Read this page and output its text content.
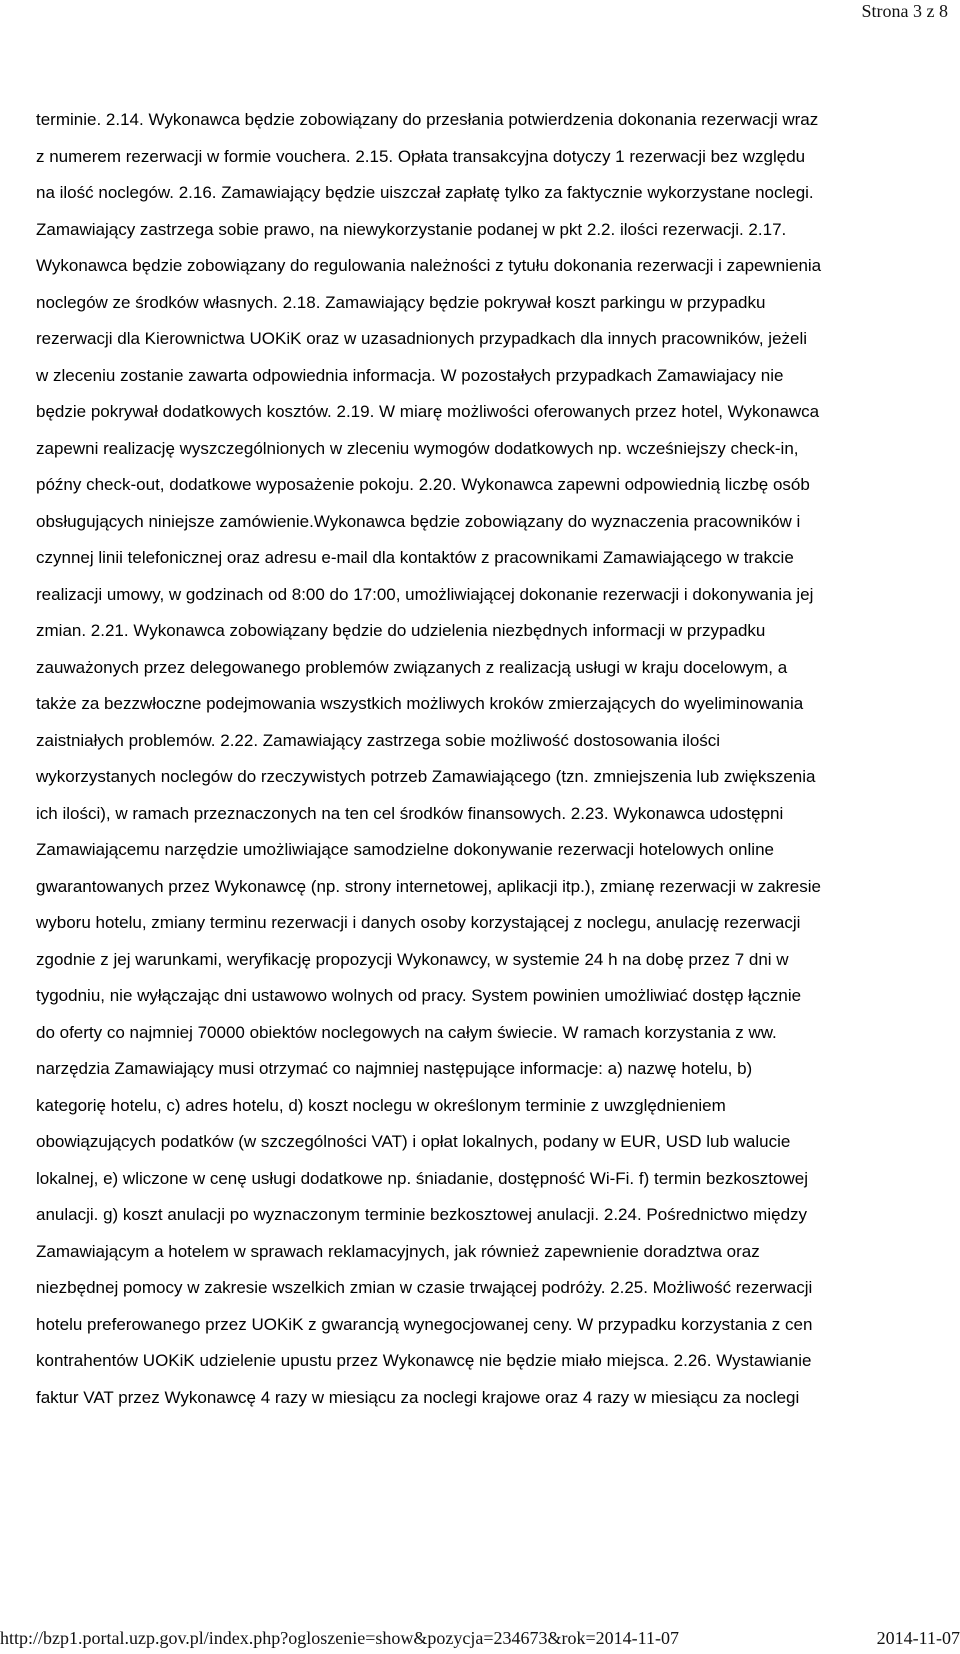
Strona 3 z 8
terminie. 2.14. Wykonawca będzie zobowiązany do przesłania potwierdzenia dokonania rezerwacji wraz
z numerem rezerwacji w formie vouchera. 2.15. Opłata transakcyjna dotyczy 1 rezerwacji bez względu
na ilość noclegów. 2.16. Zamawiający będzie uiszczał zapłatę tylko za faktycznie wykorzystane noclegi.
Zamawiający zastrzega sobie prawo, na niewykorzystanie podanej w pkt 2.2. ilości rezerwacji. 2.17.
Wykonawca będzie zobowiązany do regulowania należności z tytułu dokonania rezerwacji i zapewnienia
noclegów ze środków własnych. 2.18. Zamawiający będzie pokrywał koszt parkingu w przypadku
rezerwacji dla Kierownictwa UOKiK oraz w uzasadnionych przypadkach dla innych pracowników, jeżeli
w zleceniu zostanie zawarta odpowiednia informacja. W pozostałych przypadkach Zamawiajacy nie
będzie pokrywał dodatkowych kosztów. 2.19. W miarę możliwości oferowanych przez hotel, Wykonawca
zapewni realizację wyszczególnionych w zleceniu wymogów dodatkowych np. wcześniejszy check-in,
późny check-out, dodatkowe wyposażenie pokoju. 2.20. Wykonawca zapewni odpowiednią liczbę osób
obsługujących niniejsze zamówienie.Wykonawca będzie zobowiązany do wyznaczenia pracowników i
czynnej linii telefonicznej oraz adresu e-mail dla kontaktów z pracownikami Zamawiającego w trakcie
realizacji umowy, w godzinach od 8:00 do 17:00, umożliwiającej dokonanie rezerwacji i dokonywania jej
zmian. 2.21. Wykonawca zobowiązany będzie do udzielenia niezbędnych informacji w przypadku
zauważonych przez delegowanego problemów związanych z realizacją usługi w kraju docelowym, a
także za bezzwłoczne podejmowania wszystkich możliwych kroków zmierzających do wyeliminowania
zaistniałych problemów. 2.22. Zamawiający zastrzega sobie możliwość dostosowania ilości
wykorzystanych noclegów do rzeczywistych potrzeb Zamawiającego (tzn. zmniejszenia lub zwiększenia
ich ilości), w ramach przeznaczonych na ten cel środków finansowych. 2.23. Wykonawca udostępni
Zamawiającemu narzędzie umożliwiające samodzielne dokonywanie rezerwacji hotelowych online
gwarantowanych przez Wykonawcę (np. strony internetowej, aplikacji itp.), zmianę rezerwacji w zakresie
wyboru hotelu, zmiany terminu rezerwacji i danych osoby korzystającej z noclegu, anulację rezerwacji
zgodnie z jej warunkami, weryfikację propozycji Wykonawcy, w systemie 24 h na dobę przez 7 dni w
tygodniu, nie wyłączając dni ustawowo wolnych od pracy. System powinien umożliwiać dostęp łącznie
do oferty co najmniej 70000 obiektów noclegowych na całym świecie. W ramach korzystania z ww.
narzędzia Zamawiający musi otrzymać co najmniej następujące informacje: a) nazwę hotelu, b)
kategorię hotelu, c) adres hotelu, d) koszt noclegu w określonym terminie z uwzględnieniem
obowiązujących podatków (w szczególności VAT) i opłat lokalnych, podany w EUR, USD lub walucie
lokalnej, e) wliczone w cenę usługi dodatkowe np. śniadanie, dostępność Wi-Fi. f) termin bezkosztowej
anulacji. g) koszt anulacji po wyznaczonym terminie bezkosztowej anulacji. 2.24. Pośrednictwo między
Zamawiającym a hotelem w sprawach reklamacyjnych, jak również zapewnienie doradztwa oraz
niezbędnej pomocy w zakresie wszelkich zmian w czasie trwającej podróży. 2.25. Możliwość rezerwacji
hotelu preferowanego przez UOKiK z gwarancją wynegocjowanej ceny. W przypadku korzystania z cen
kontrahentów UOKiK udzielenie upustu przez Wykonawcę nie będzie miało miejsca. 2.26. Wystawianie
faktur VAT przez Wykonawcę 4 razy w miesiącu za noclegi krajowe oraz 4 razy w miesiącu za noclegi
http://bzp1.portal.uzp.gov.pl/index.php?ogloszenie=show&pozycja=234673&rok=2014-11-07	2014-11-07
